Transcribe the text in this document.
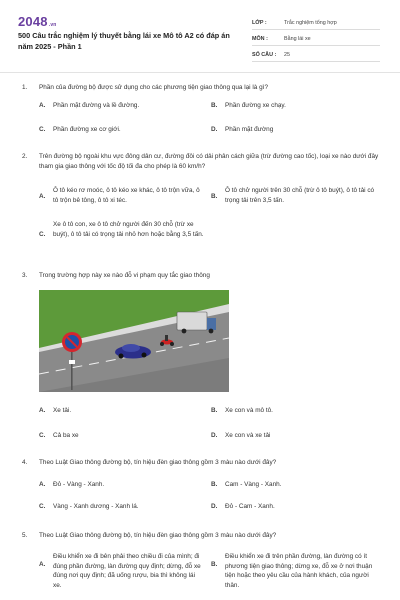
2048.vn
500 Câu trắc nghiệm lý thuyết bằng lái xe Mô tô A2 có đáp án năm 2025 - Phần 1
LỚP :	Trắc nghiệm tổng hợp
MÔN :	Bằng lái xe
SỐ CÂU :	25
1.	Phần của đường bộ được sử dụng cho các phương tiện giao thông qua lại là gì?
A.	Phần mặt đường và lề đường.	B.	Phần đường xe chạy.
C.	Phần đường xe cơ giới.	D.	Phần mặt đường
2.	Trên đường bộ ngoài khu vực đông dân cư, đường đôi có dải phân cách giữa (trừ đường cao tốc), loại xe nào dưới đây tham gia giao thông với tốc độ tối đa cho phép là 60 km/h?
A.
Ô tô kéo rơ moóc, ô tô kéo xe khác, ô tô trộn vữa, ô tô trộn bê tông, ô tô xi téc.
B.
Ô tô chở người trên 30 chỗ (trừ ô tô buýt), ô tô tải có trọng tải trên 3,5 tấn.
C.
Xe ô tô con, xe ô tô chở người đến 30 chỗ (trừ xe buýt), ô tô tải có trọng tải nhỏ hơn hoặc bằng 3,5 tấn.
3.	Trong trường hợp này xe nào đỗ vi phạm quy tắc giao thông
A.	Xe tải.	B.	Xe con và mô tô.
C.	Cả ba xe	D.	Xe con và xe tải
4.	Theo Luật Giao thông đường bộ, tín hiệu đèn giao thông gồm 3 màu nào dưới đây?
A.	Đỏ - Vàng - Xanh.	B.	Cam - Vàng - Xanh.
C.	Vàng - Xanh dương - Xanh lá.	D.	Đỏ - Cam - Xanh.
5.	Theo Luật Giao thông đường bộ, tín hiệu đèn giao thông gồm 3 màu nào dưới đây?
A.
Điều khiển xe đi bên phải theo chiều đi của mình; đi đúng phần đường, làn đường quy định; dừng, đỗ xe đúng nơi quy định; đã uống rượu, bia thì không lái xe.
B.
Điều khiển xe đi trên phần đường, làn đường có ít phương tiện giao thông; dừng xe, đỗ xe ở nơi thuận tiện hoặc theo yêu cầu của hành khách, của người thân.
